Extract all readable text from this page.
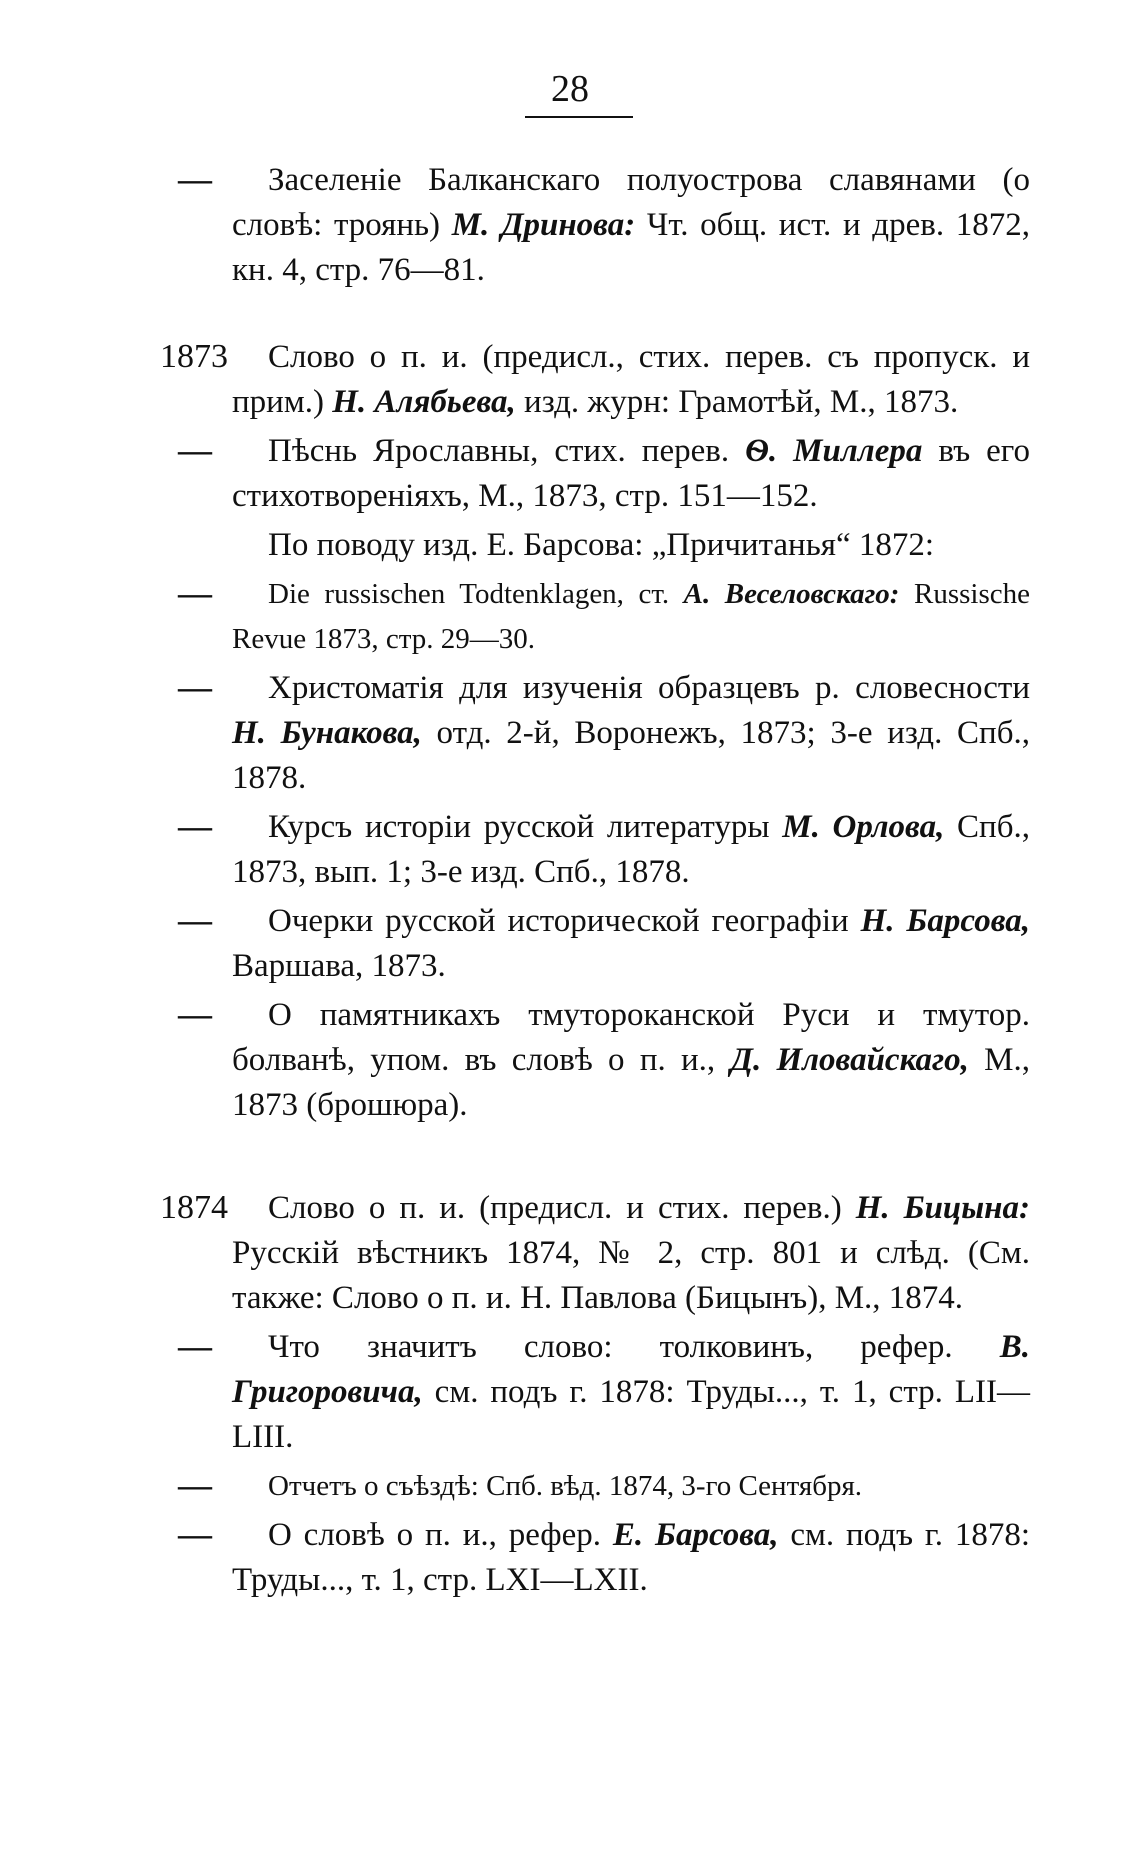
28
—	Заселеніе Балканскаго полуострова славянами (о словѣ: троянь) М. Дринова: Чт. общ. ист. и древ. 1872, кн. 4, стр. 76—81.
1873	Слово о п. и. (предисл., стих. перев. съ пропуск. и прим.) Н. Алябьева, изд. журн: Грамотѣй, М., 1873.
—	Пѣснь Ярославны, стих. перев. Ѳ. Миллера въ его стихотвореніяхъ, М., 1873, стр. 151—152.
По поводу изд. Е. Барсова: „Причитанья“ 1872:
—	Die russischen Todtenklagen, ст. А. Веселовскаго: Russische Revue 1873, стр. 29—30.
—	Христоматія для изученія образцевъ р. словесности Н. Бунакова, отд. 2-й, Воронежъ, 1873; 3-е изд. Спб., 1878.
—	Курсъ исторіи русской литературы М. Орлова, Спб., 1873, вып. 1; 3-е изд. Спб., 1878.
—	Очерки русской исторической географіи Н. Барсова, Варшава, 1873.
—	О памятникахъ тмутороканской Руси и тмутор. болванѣ, упом. въ словѣ о п. и., Д. Иловайскаго, М., 1873 (брошюра).
1874	Слово о п. и. (предисл. и стих. перев.) Н. Бицына: Русскій вѣстникъ 1874, № 2, стр. 801 и слѣд. (См. также: Слово о п. и. Н. Павлова (Бицынъ), М., 1874.
—	Что значитъ слово: толковинъ, рефер. В. Григоровича, см. подъ г. 1878: Труды..., т. 1, стр. LII—LIII.
—	Отчетъ о съѣздѣ: Спб. вѣд. 1874, 3-го Сентября.
—	О словѣ о п. и., рефер. Е. Барсова, см. подъ г. 1878: Труды..., т. 1, стр. LXI—LXII.
